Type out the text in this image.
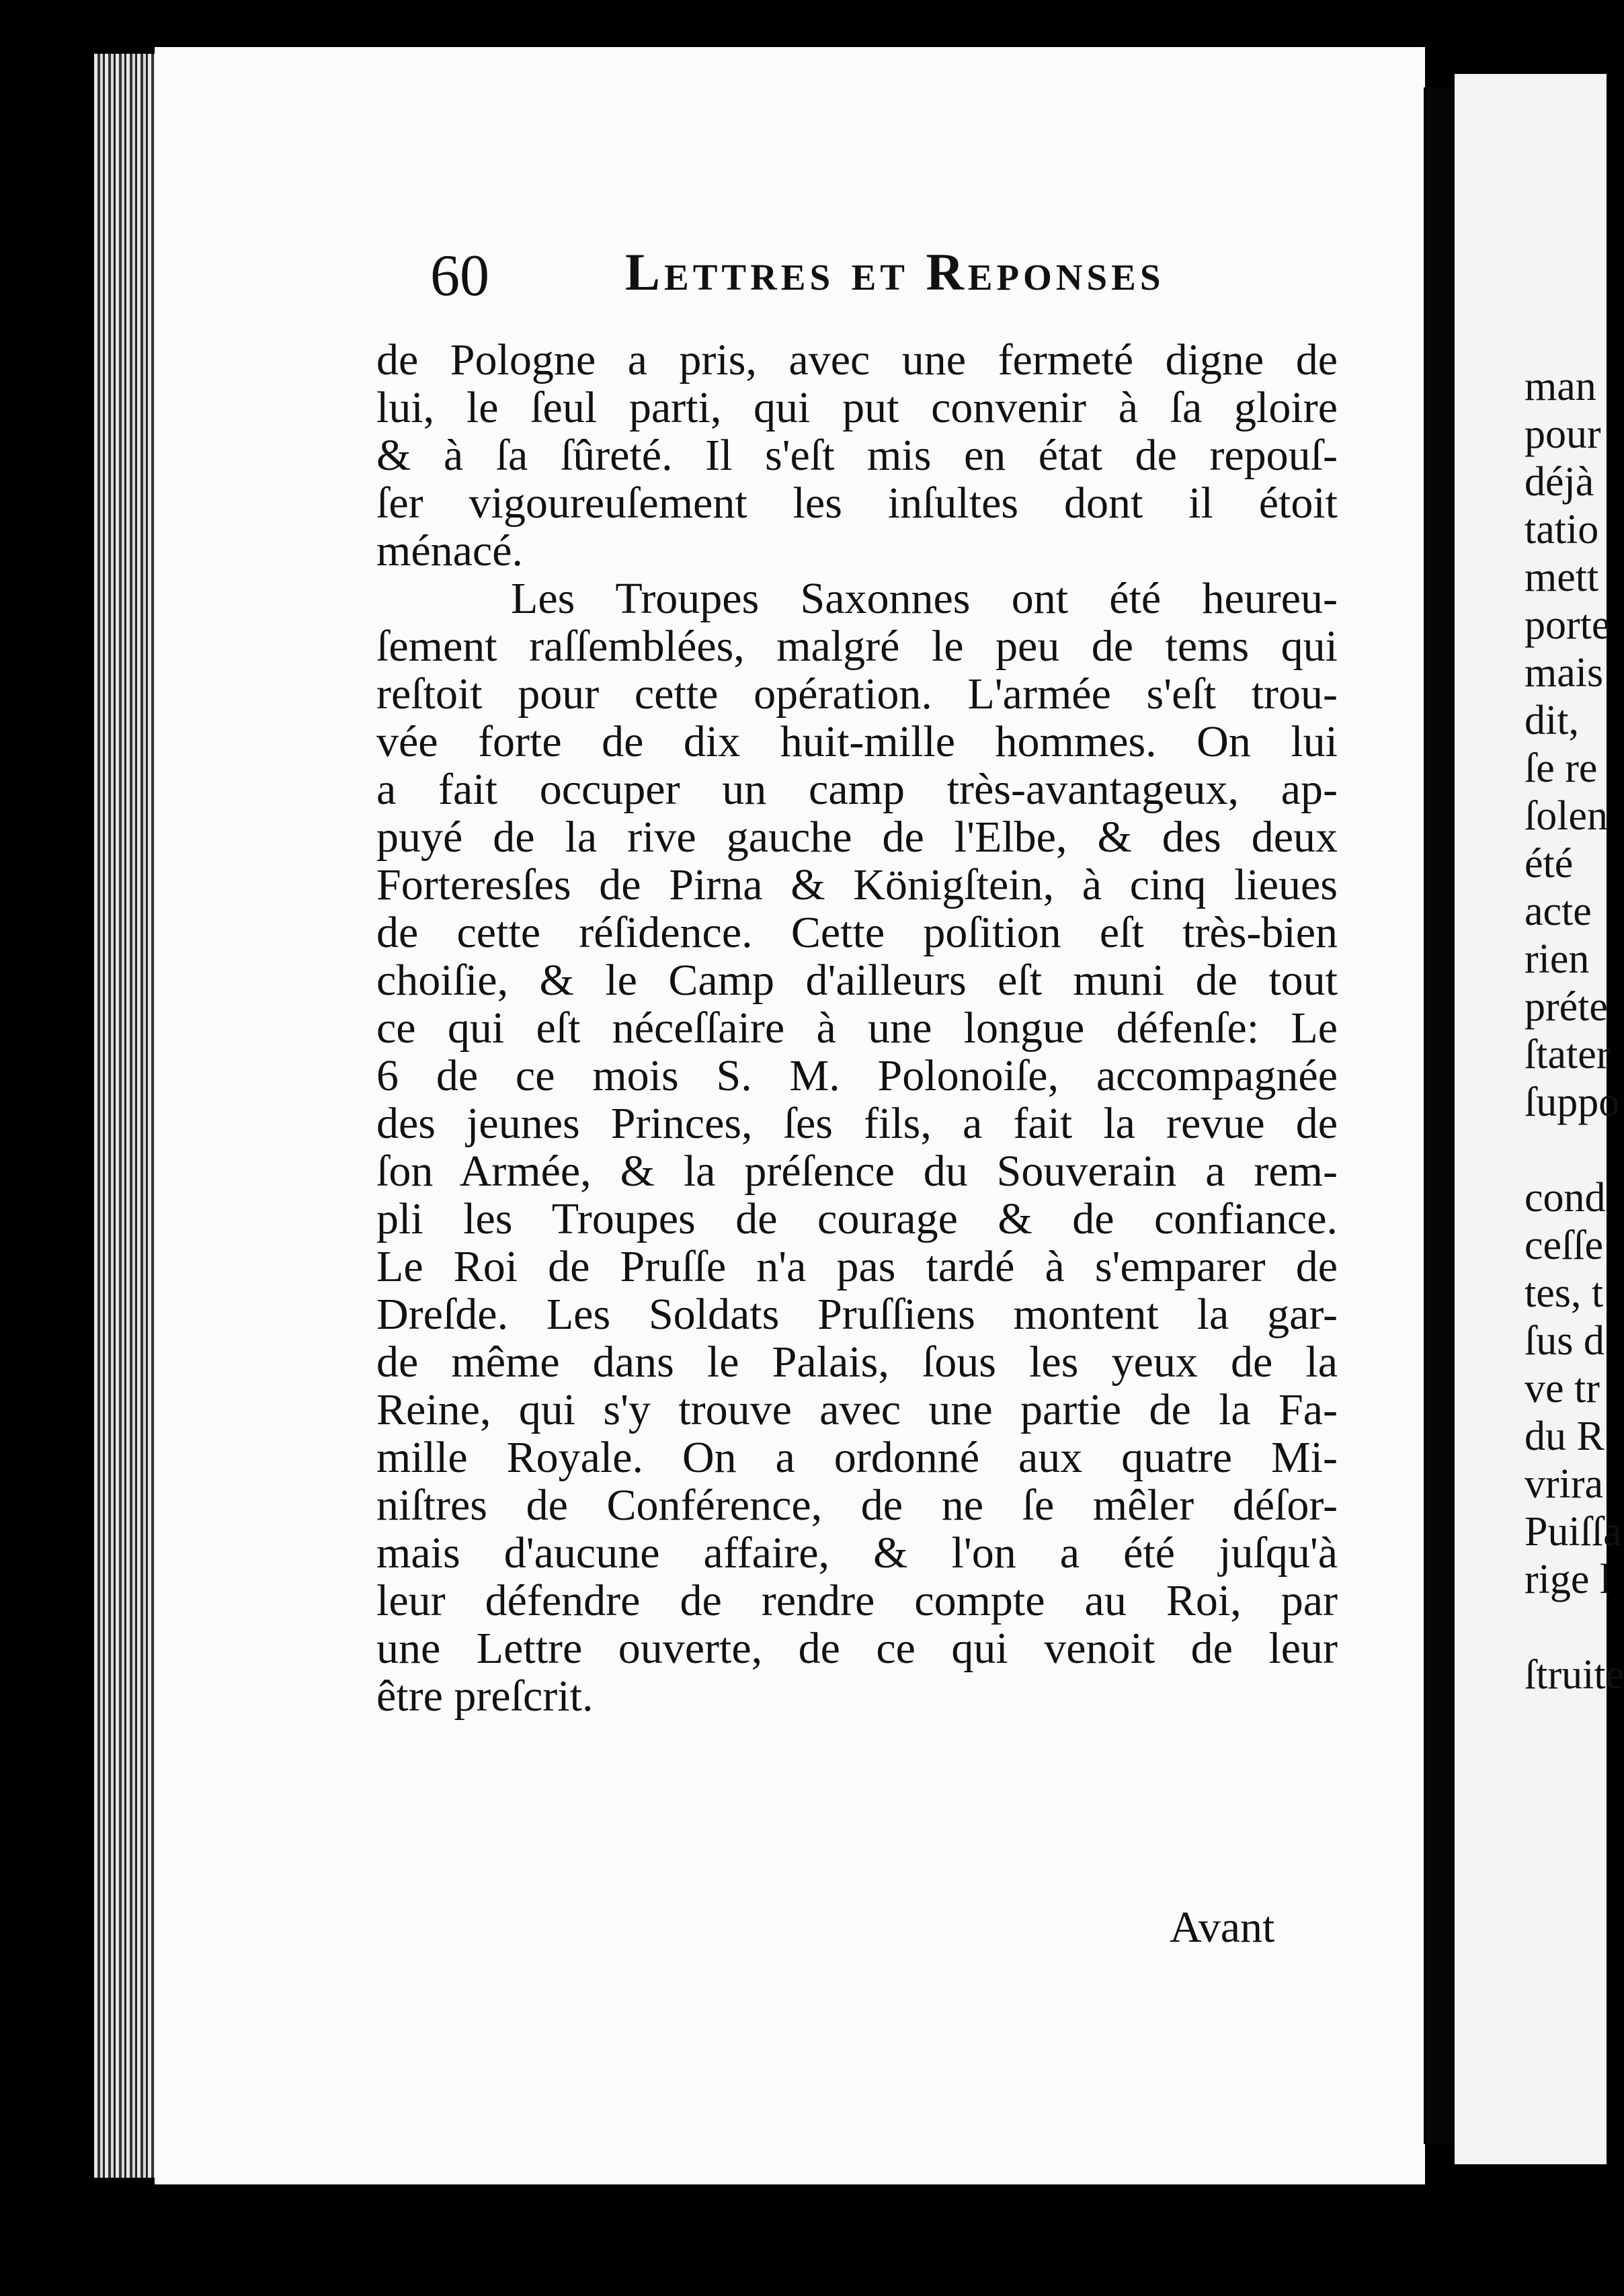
60	Lettres et Reponses
de Pologne a pris, avec une fermeté digne de
lui, le ſeul parti, qui put convenir à ſa gloire
& à ſa ſûreté. Il s'eſt mis en état de repouſ-
ſer vigoureuſement les inſultes dont il étoit
ménacé.
Les Troupes Saxonnes ont été heureu-
ſement raſſemblées, malgré le peu de tems qui
reſtoit pour cette opération. L'armée s'eſt trou-
vée forte de dix huit-mille hommes. On lui
a fait occuper un camp très-avantageux, ap-
puyé de la rive gauche de l'Elbe, & des deux
Forteresſes de Pirna & Königſtein, à cinq lieues
de cette réſidence. Cette poſition eſt très-bien
choiſie, & le Camp d'ailleurs eſt muni de tout
ce qui eſt néceſſaire à une longue défenſe: Le
6 de ce mois S. M. Polonoiſe, accompagnée
des jeunes Princes, ſes fils, a fait la revue de
ſon Armée, & la préſence du Souverain a rem-
pli les Troupes de courage & de confiance.
Le Roi de Pruſſe n'a pas tardé à s'emparer de
Dreſde. Les Soldats Pruſſiens montent la gar-
de même dans le Palais, ſous les yeux de la
Reine, qui s'y trouve avec une partie de la Fa-
mille Royale. On a ordonné aux quatre Mi-
niſtres de Conférence, de ne ſe mêler déſor-
mais d'aucune affaire, & l'on a été juſqu'à
leur défendre de rendre compte au Roi, par
une Lettre ouverte, de ce qui venoit de leur
être preſcrit.
Avant
man
pour
déjà
tatio
mett
porte
mais
dit,
ſe re
ſolen
été
acte
rien
préte
ſtater
ſuppo
cond
ceſſe
tes, t
ſus d
ve tr
du R
vrira
Puiſſa
rige l
ſtruite
